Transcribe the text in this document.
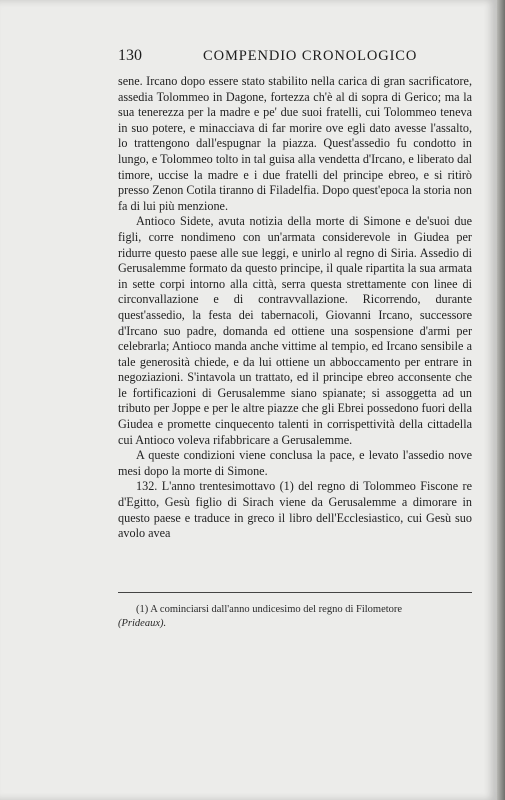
130	COMPENDIO CRONOLOGICO

sene. Ircano dopo essere stato stabilito nella carica di gran sacrificatore, assedia Tolommeo in Dagone, fortezza ch'è al di sopra di Gerico; ma la sua tenerezza per la madre e pe' due suoi fratelli, cui Tolommeo teneva in suo potere, e minacciava di far morire ove egli dato avesse l'assalto, lo trattengono dall'espugnar la piazza. Quest'assedio fu condotto in lungo, e Tolommeo tolto in tal guisa alla vendetta d'Ircano, e liberato dal timore, uccise la madre e i due fratelli del principe ebreo, e si ritirò presso Zenon Cotila tiranno di Filadelfia. Dopo quest'epoca la storia non fa di lui più menzione.

Antioco Sidete, avuta notizia della morte di Simone e de'suoi due figli, corre nondimeno con un'armata considerevole in Giudea per ridurre questo paese alle sue leggi, e unirlo al regno di Siria. Assedio di Gerusalemme formato da questo principe, il quale ripartita la sua armata in sette corpi intorno alla città, serra questa strettamente con linee di circonvallazione e di contravvallazione. Ricorrendo, durante quest'assedio, la festa dei tabernacoli, Giovanni Ircano, successore d'Ircano suo padre, domanda ed ottiene una sospensione d'armi per celebrarla; Antioco manda anche vittime al tempio, ed Ircano sensibile a tale generosità chiede, e da lui ottiene un abboccamento per entrare in negoziazioni. S'intavola un trattato, ed il principe ebreo acconsente che le fortificazioni di Gerusalemme siano spianate; si assoggetta ad un tributo per Joppe e per le altre piazze che gli Ebrei possedono fuori della Giudea e promette cinquecento talenti in corrispettività della cittadella cui Antioco voleva rifabbricare a Gerusalemme.

A queste condizioni viene conclusa la pace, e levato l'assedio nove mesi dopo la morte di Simone.

132. L'anno trentesimottavo (1) del regno di Tolommeo Fiscone re d'Egitto, Gesù figlio di Sirach viene da Gerusalemme a dimorare in questo paese e traduce in greco il libro dell'Ecclesiastico, cui Gesù suo avolo avea

(1) A cominciarsi dall'anno undicesimo del regno di Filometore
(Prideaux).
